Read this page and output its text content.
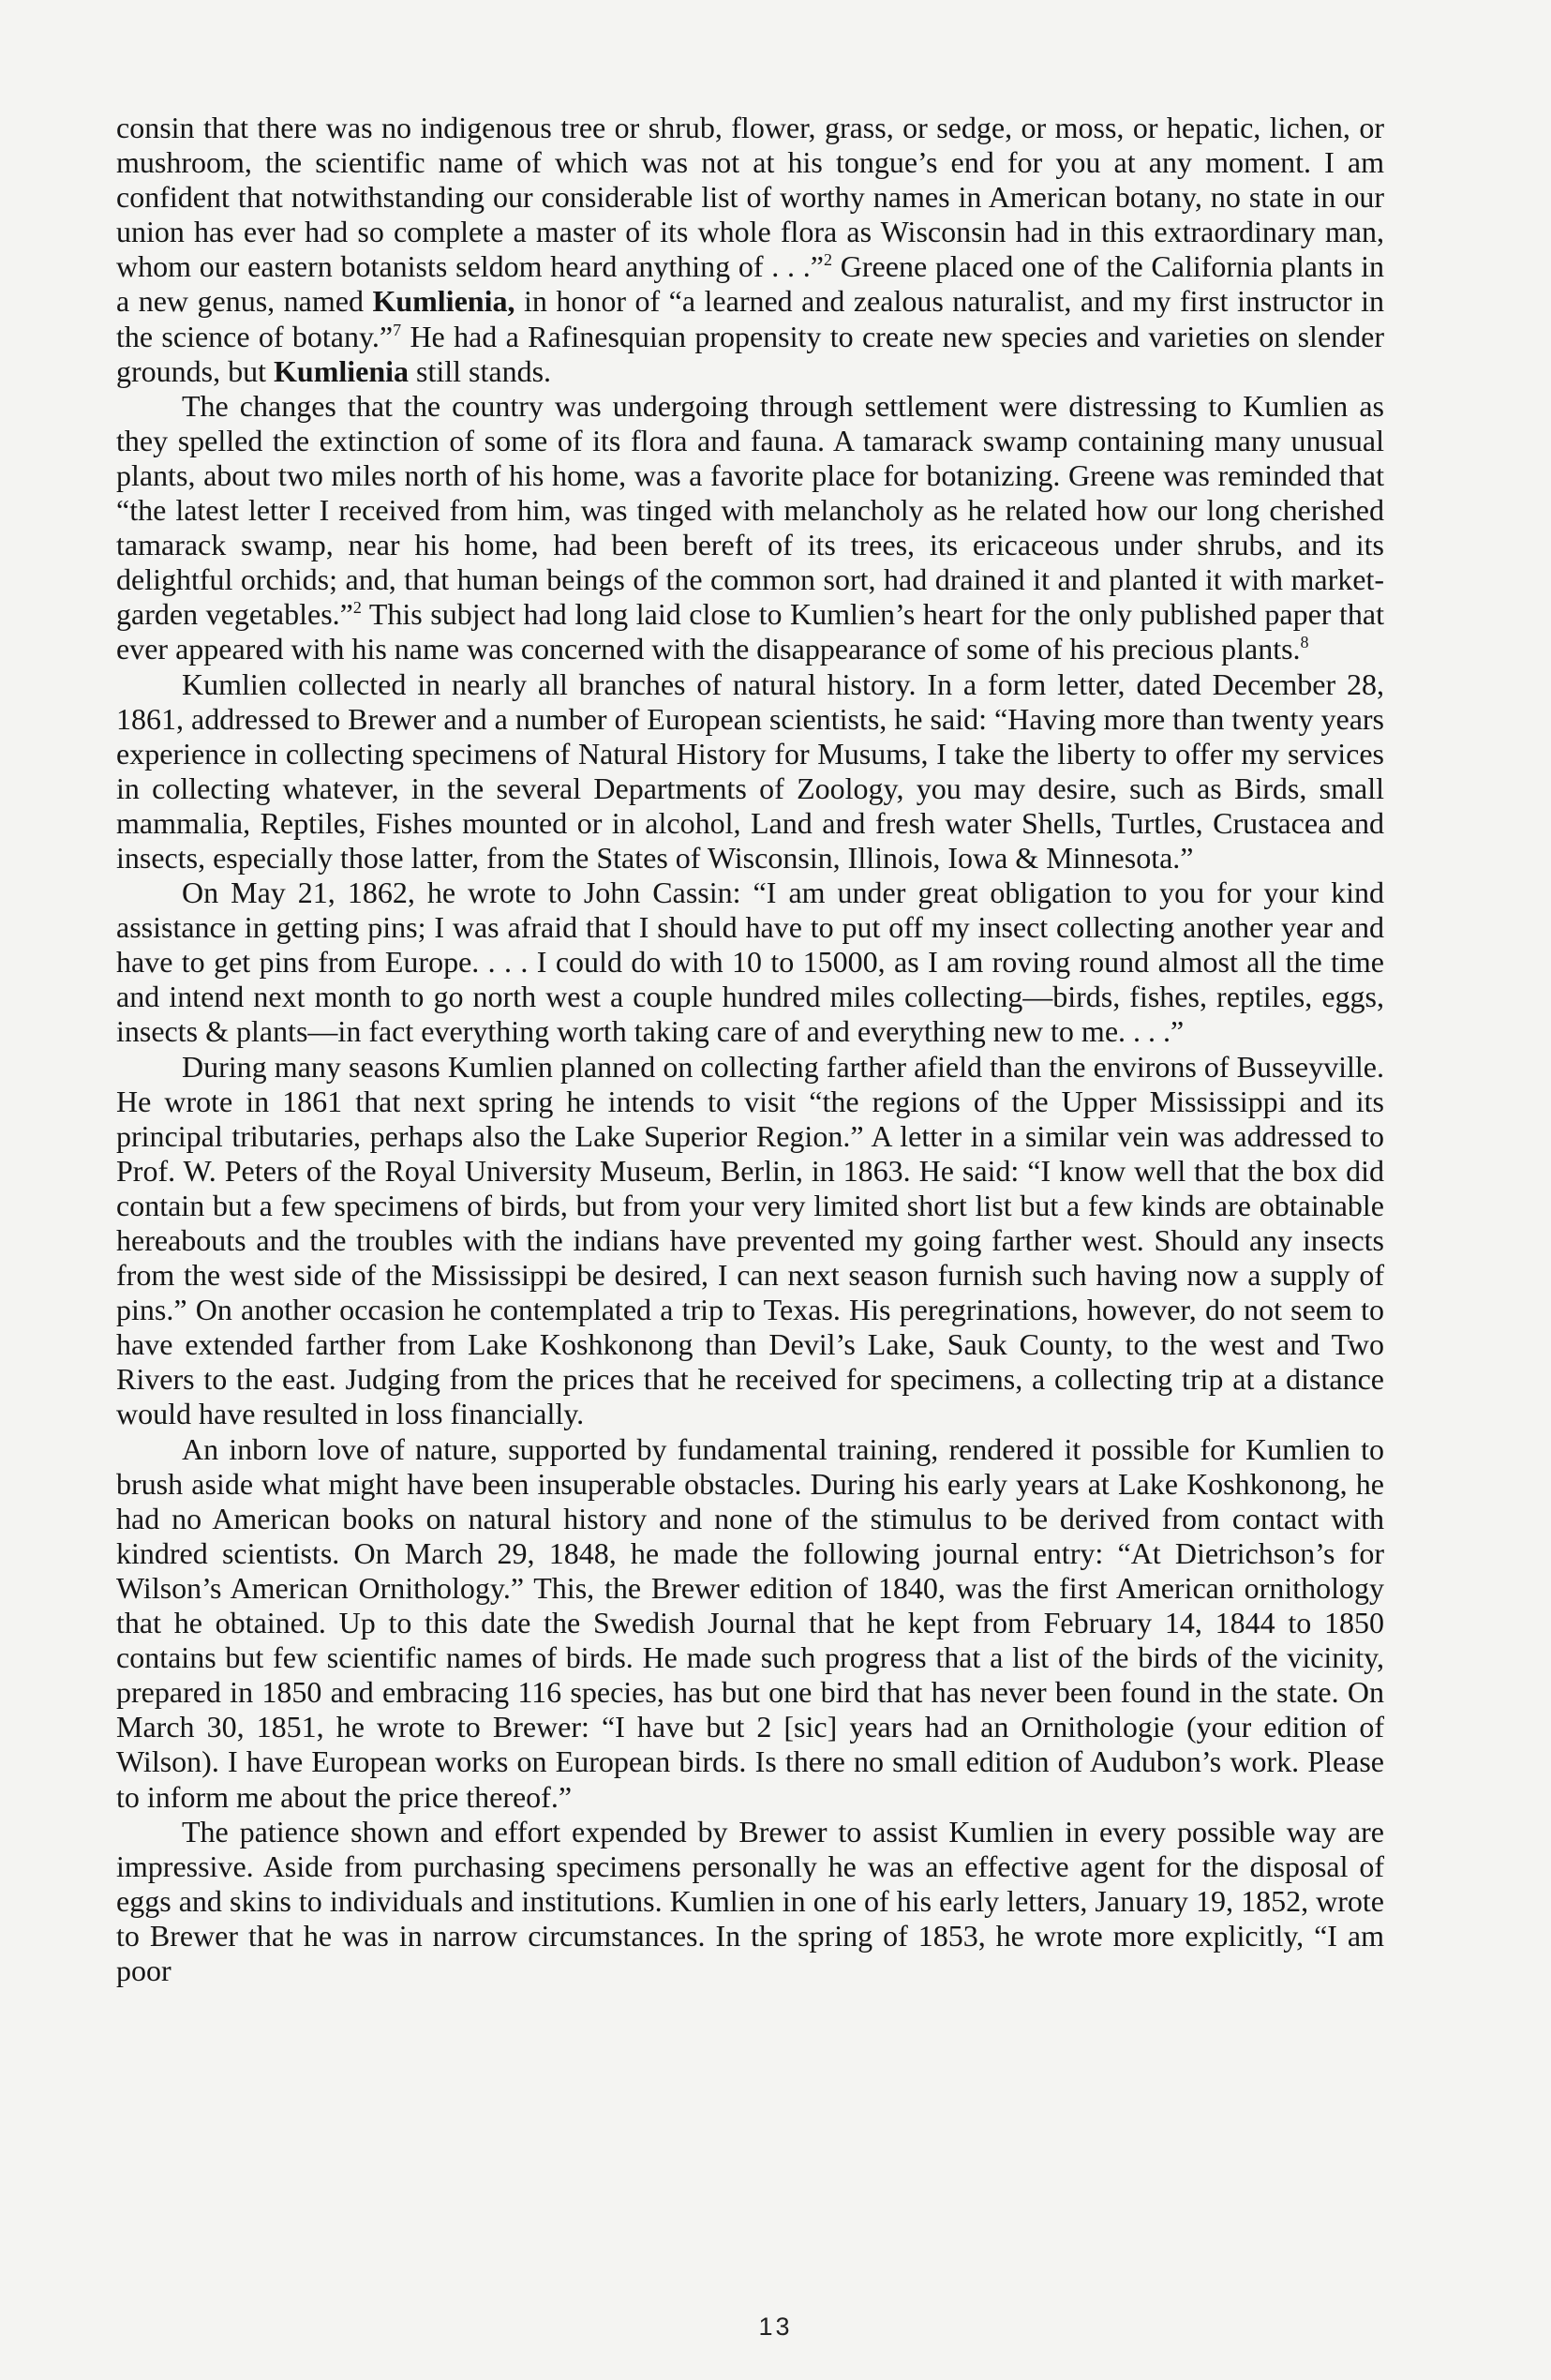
consin that there was no indigenous tree or shrub, flower, grass, or sedge, or moss, or hepatic, lichen, or mushroom, the scientific name of which was not at his tongue’s end for you at any moment. I am confident that notwithstanding our considerable list of worthy names in American botany, no state in our union has ever had so complete a master of its whole flora as Wisconsin had in this extraordinary man, whom our eastern botanists seldom heard anything of . . .”$^2$ Greene placed one of the California plants in a new genus, named Kumlienia, in honor of “a learned and zealous naturalist, and my first instructor in the science of botany.”$^7$ He had a Rafinesquian propensity to create new species and varieties on slender grounds, but Kumlienia still stands.

The changes that the country was undergoing through settlement were distressing to Kumlien as they spelled the extinction of some of its flora and fauna. A tamarack swamp containing many unusual plants, about two miles north of his home, was a favorite place for botanizing. Greene was reminded that “the latest letter I received from him, was tinged with melancholy as he related how our long cherished tamarack swamp, near his home, had been bereft of its trees, its ericaceous under shrubs, and its delightful orchids; and, that human beings of the common sort, had drained it and planted it with market-garden vegetables.”$^2$ This subject had long laid close to Kumlien’s heart for the only published paper that ever appeared with his name was concerned with the disappearance of some of his precious plants.$^8$

Kumlien collected in nearly all branches of natural history. In a form letter, dated December 28, 1861, addressed to Brewer and a number of European scientists, he said: “Having more than twenty years experience in collecting specimens of Natural History for Musums, I take the liberty to offer my services in collecting whatever, in the several Departments of Zoology, you may desire, such as Birds, small mammalia, Reptiles, Fishes mounted or in alcohol, Land and fresh water Shells, Turtles, Crustacea and insects, especially those latter, from the States of Wisconsin, Illinois, Iowa & Minnesota.”

On May 21, 1862, he wrote to John Cassin: “I am under great obligation to you for your kind assistance in getting pins; I was afraid that I should have to put off my insect collecting another year and have to get pins from Europe. . . . I could do with 10 to 15000, as I am roving round almost all the time and intend next month to go north west a couple hundred miles collecting—birds, fishes, reptiles, eggs, insects & plants—in fact everything worth taking care of and everything new to me. . . .”

During many seasons Kumlien planned on collecting farther afield than the environs of Busseyville. He wrote in 1861 that next spring he intends to visit “the regions of the Upper Mississippi and its principal tributaries, perhaps also the Lake Superior Region.” A letter in a similar vein was addressed to Prof. W. Peters of the Royal University Museum, Berlin, in 1863. He said: “I know well that the box did contain but a few specimens of birds, but from your very limited short list but a few kinds are obtainable hereabouts and the troubles with the indians have prevented my going farther west. Should any insects from the west side of the Mississippi be desired, I can next season furnish such having now a supply of pins.” On another occasion he contemplated a trip to Texas. His peregrinations, however, do not seem to have extended farther from Lake Koshkonong than Devil’s Lake, Sauk County, to the west and Two Rivers to the east. Judging from the prices that he received for specimens, a collecting trip at a distance would have resulted in loss financially.

An inborn love of nature, supported by fundamental training, rendered it possible for Kumlien to brush aside what might have been insuperable obstacles. During his early years at Lake Koshkonong, he had no American books on natural history and none of the stimulus to be derived from contact with kindred scientists. On March 29, 1848, he made the following journal entry: “At Dietrichson’s for Wilson’s American Ornithology.” This, the Brewer edition of 1840, was the first American ornithology that he obtained. Up to this date the Swedish Journal that he kept from February 14, 1844 to 1850 contains but few scientific names of birds. He made such progress that a list of the birds of the vicinity, prepared in 1850 and embracing 116 species, has but one bird that has never been found in the state. On March 30, 1851, he wrote to Brewer: “I have but 2 [sic] years had an Ornithologie (your edition of Wilson). I have European works on European birds. Is there no small edition of Audubon’s work. Please to inform me about the price thereof.”

The patience shown and effort expended by Brewer to assist Kumlien in every possible way are impressive. Aside from purchasing specimens personally he was an effective agent for the disposal of eggs and skins to individuals and institutions. Kumlien in one of his early letters, January 19, 1852, wrote to Brewer that he was in narrow circumstances. In the spring of 1853, he wrote more explicitly, “I am poor

13
